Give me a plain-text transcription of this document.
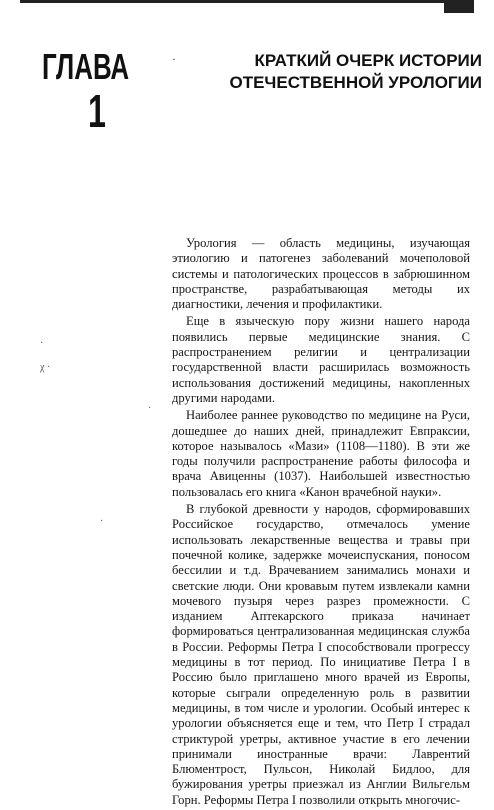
ГЛАВА
1
·	КРАТКИЙ ОЧЕРК ИСТОРИИ
ОТЕЧЕСТВЕННОЙ УРОЛОГИИ
·
χ ·
·
·

Урология — область медицины, изучающая этиологию и патогенез заболеваний мочеполовой системы и патологических процессов в забрюшинном пространстве, разрабатывающая методы их диагностики, лечения и профилактики.

Еще в языческую пору жизни нашего народа появились первые медицинские знания. С распространением религии и централизации государственной власти расширилась возможность использования достижений медицины, накопленных другими народами.

Наиболее раннее руководство по медицине на Руси, дошедшее до наших дней, принадлежит Евпраксии, которое называлось «Мази» (1108—1180). В эти же годы получили распространение работы философа и врача Авиценны (1037). Наибольшей известностью пользовалась его книга «Канон врачебной науки».

В глубокой древности у народов, сформировавших Российское государство, отмечалось умение использовать лекарственные вещества и травы при почечной колике, задержке мочеиспускания, поносом бессилии и т.д. Врачеванием занимались монахи и светские люди. Они кровавым путем извлекали камни мочевого пузыря через разрез промежности. С изданием Аптекарского приказа начинает формироваться централизованная медицинская служба в России. Реформы Петра I способствовали прогрессу медицины в тот период. По инициативе Петра I в Россию было приглашено много врачей из Европы, которые сыграли определенную роль в развитии медицины, в том числе и урологии. Особый интерес к урологии объясняется еще и тем, что Петр I страдал стриктурой уретры, активное участие в его лечении принимали иностранные врачи: Лаврентий Блюментрост, Пульсон, Николай Бидлоо, для бужирования уретры приезжал из Англии Вильгельм Горн. Реформы Петра I позволили открыть многочис-
